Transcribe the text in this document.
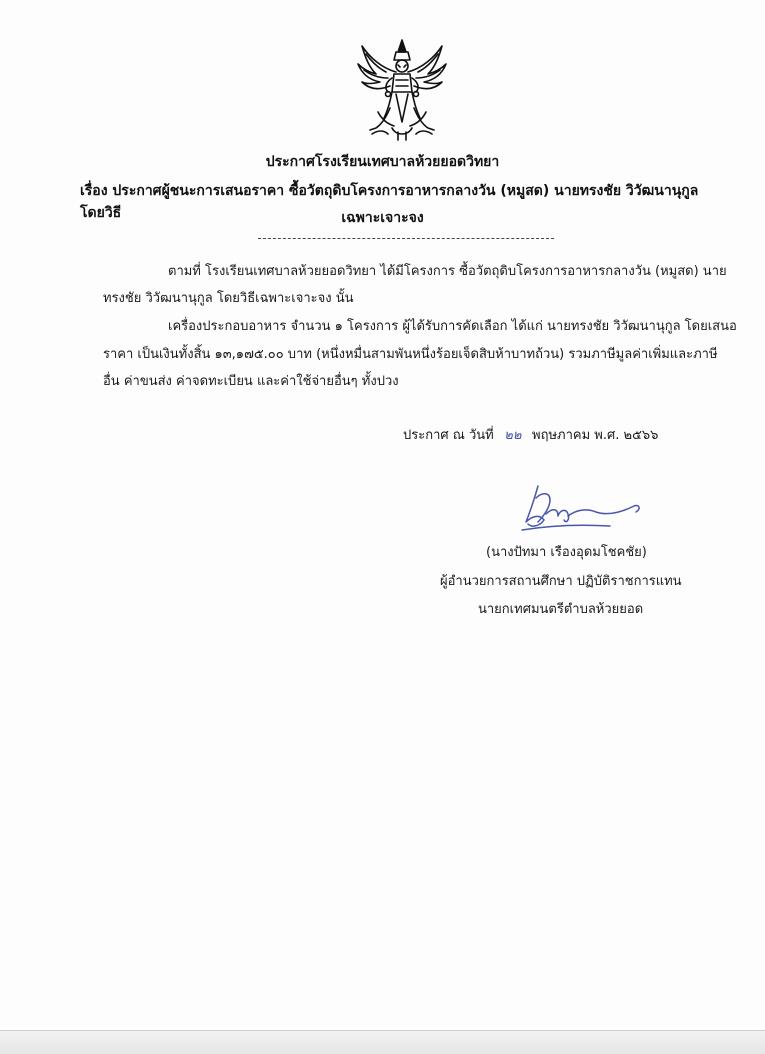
ประกาศโรงเรียนเทศบาลห้วยยอดวิทยา
เรื่อง ประกาศผู้ชนะการเสนอราคา ซื้อวัตถุดิบโครงการอาหารกลางวัน (หมูสด) นายทรงชัย วิวัฒนานุกูล โดยวิธี	เฉพาะเจาะจง
ตามที่ โรงเรียนเทศบาลห้วยยอดวิทยา ได้มีโครงการ ซื้อวัตถุดิบโครงการอาหารกลางวัน (หมูสด) นาย
ทรงชัย วิวัฒนานุกูล โดยวิธีเฉพาะเจาะจง นั้น
เครื่องประกอบอาหาร จำนวน ๑ โครงการ ผู้ได้รับการคัดเลือก ได้แก่ นายทรงชัย วิวัฒนานุกูล โดยเสนอ
ราคา เป็นเงินทั้งสิ้น ๑๓,๑๗๕.๐๐ บาท (หนึ่งหมื่นสามพันหนึ่งร้อยเจ็ดสิบห้าบาทถ้วน) รวมภาษีมูลค่าเพิ่มและภาษี
อื่น ค่าขนส่ง ค่าจดทะเบียน และค่าใช้จ่ายอื่นๆ ทั้งปวง
ประกาศ ณ วันที่ ๒๒ พฤษภาคม พ.ศ. ๒๕๖๖
(นางปัทมา เรืองอุดมโชคชัย)
ผู้อำนวยการสถานศึกษา ปฏิบัติราชการแทน
นายกเทศมนตรีตำบลห้วยยอด
